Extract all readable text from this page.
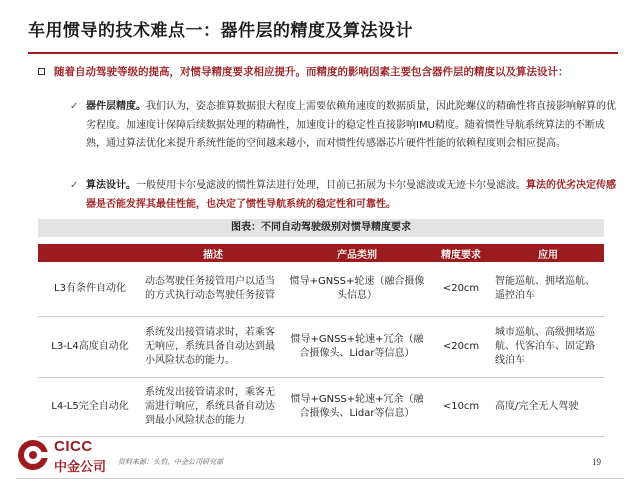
车用惯导的技术难点一：器件层的精度及算法设计
随着自动驾驶等级的提高，对惯导精度要求相应提升。而精度的影响因素主要包含器件层的精度以及算法设计：
✓ 器件层精度。我们认为，姿态推算数据很大程度上需要依赖角速度的数据质量，因此陀螺仪的精确性将直接影响解算的优劣程度。加速度计保障后续数据处理的精确性，加速度计的稳定性直接影响IMU精度。随着惯性导航系统算法的不断成熟，通过算法优化来提升系统性能的空间越来越小，而对惯性传感器芯片硬件性能的依赖程度则会相应提高。
✓ 算法设计。一般使用卡尔曼滤波的惯性算法进行处理，目前已拓展为卡尔曼滤波或无迹卡尔曼滤波。算法的优劣决定传感器是否能发挥其最佳性能，也决定了惯性导航系统的稳定性和可靠性。
图表：不同自动驾驶级别对惯导精度要求
	描述	产品类别	精度要求	应用
L3有条件自动化	动态驾驶任务接管用户以适当的方式执行动态驾驶任务接管	惯导+GNSS+轮速（融合摄像头信息）	<20cm	智能巡航、拥堵巡航、遥控泊车
L3-L4高度自动化	系统发出接管请求时，若乘客无响应，系统具备自动达到最小风险状态的能力。	惯导+GNSS+轮速+冗余（融合摄像头、Lidar等信息）	<20cm	城市巡航、高级拥堵巡航、代客泊车、固定路线泊车
L4-L5完全自动化	系统发出接管请求时，乘客无需进行响应，系统具备自动达到最小风险状态的能力	惯导+GNSS+轮速+冗余（融合摄像头、Lidar等信息）	<10cm	高度/完全无人驾驶
CICC
中金公司 资料来源：头豹，中金公司研究部	19
